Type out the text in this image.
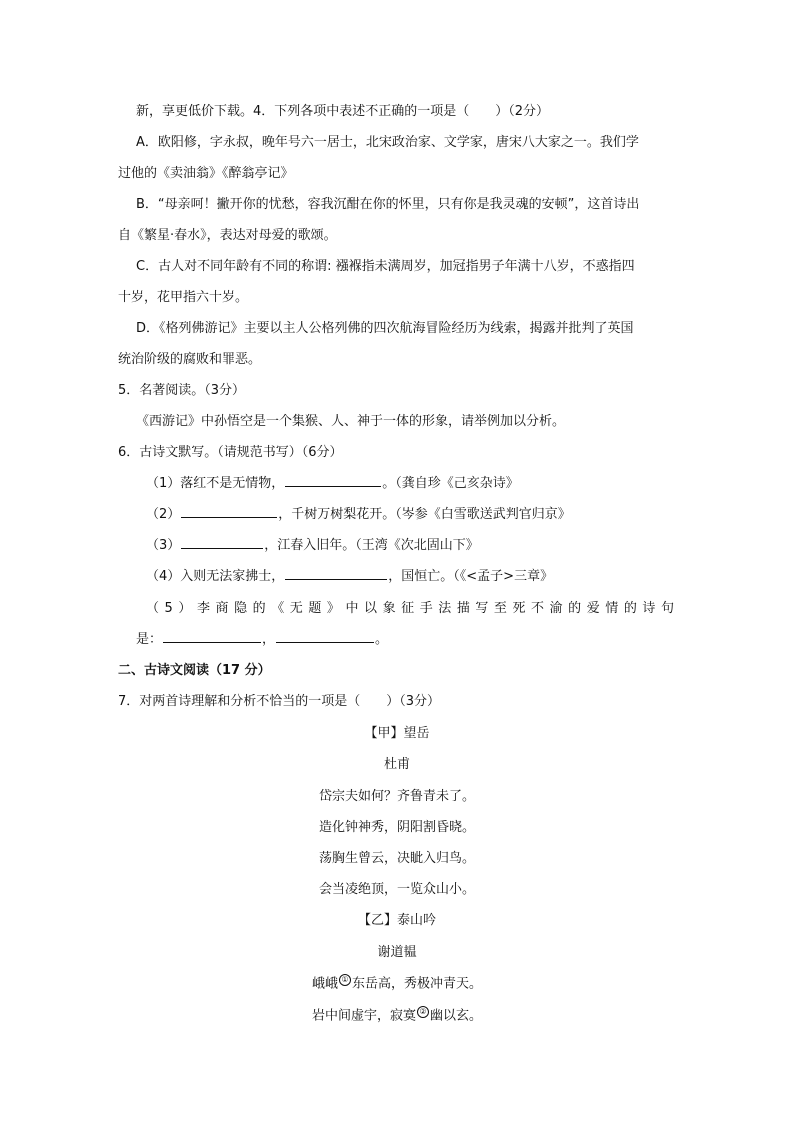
新，享更低价下载。4．下列各项中表述不正确的一项是（　　）（2分）
A．欧阳修，字永叔，晚年号六一居士，北宋政治家、文学家，唐宋八大家之一。我们学
过他的《卖油翁》《醉翁亭记》
B．“母亲呵！撇开你的忧愁，容我沉酣在你的怀里，只有你是我灵魂的安顿”，这首诗出
自《繁星·春水》，表达对母爱的歌颂。
C．古人对不同年龄有不同的称谓: 襁褓指未满周岁，加冠指男子年满十八岁，不惑指四
十岁，花甲指六十岁。
D．《格列佛游记》主要以主人公格列佛的四次航海冒险经历为线索，揭露并批判了英国
统治阶级的腐败和罪恶。
5．名著阅读。（3分）
《西游记》中孙悟空是一个集猴、人、神于一体的形象，请举例加以分析。
6．古诗文默写。（请规范书写）（6分）
（1）落红不是无情物，	。（龚自珍《己亥杂诗》
（2）	，千树万树梨花开。（岑参《白雪歌送武判官归京》
（3）	，江春入旧年。（王湾《次北固山下》
（4）入则无法家拂士，	，国恒亡。（《<孟子>三章》
（5）李商隐的《无题》中以象征手法描写至死不渝的爱情的诗句
是：	，	。
二、古诗文阅读（17 分）
7．对两首诗理解和分析不恰当的一项是（　　）（3分）
【甲】望岳
杜甫
岱宗夫如何？齐鲁青未了。
造化钟神秀，阴阳割昏晓。
荡胸生曾云，决眦入归鸟。
会当凌绝顶，一览众山小。
【乙】泰山吟
谢道韫
峨峨 ① 东岳高，秀极冲青天。
岩中间虚宇，寂寞 ② 幽以玄。
